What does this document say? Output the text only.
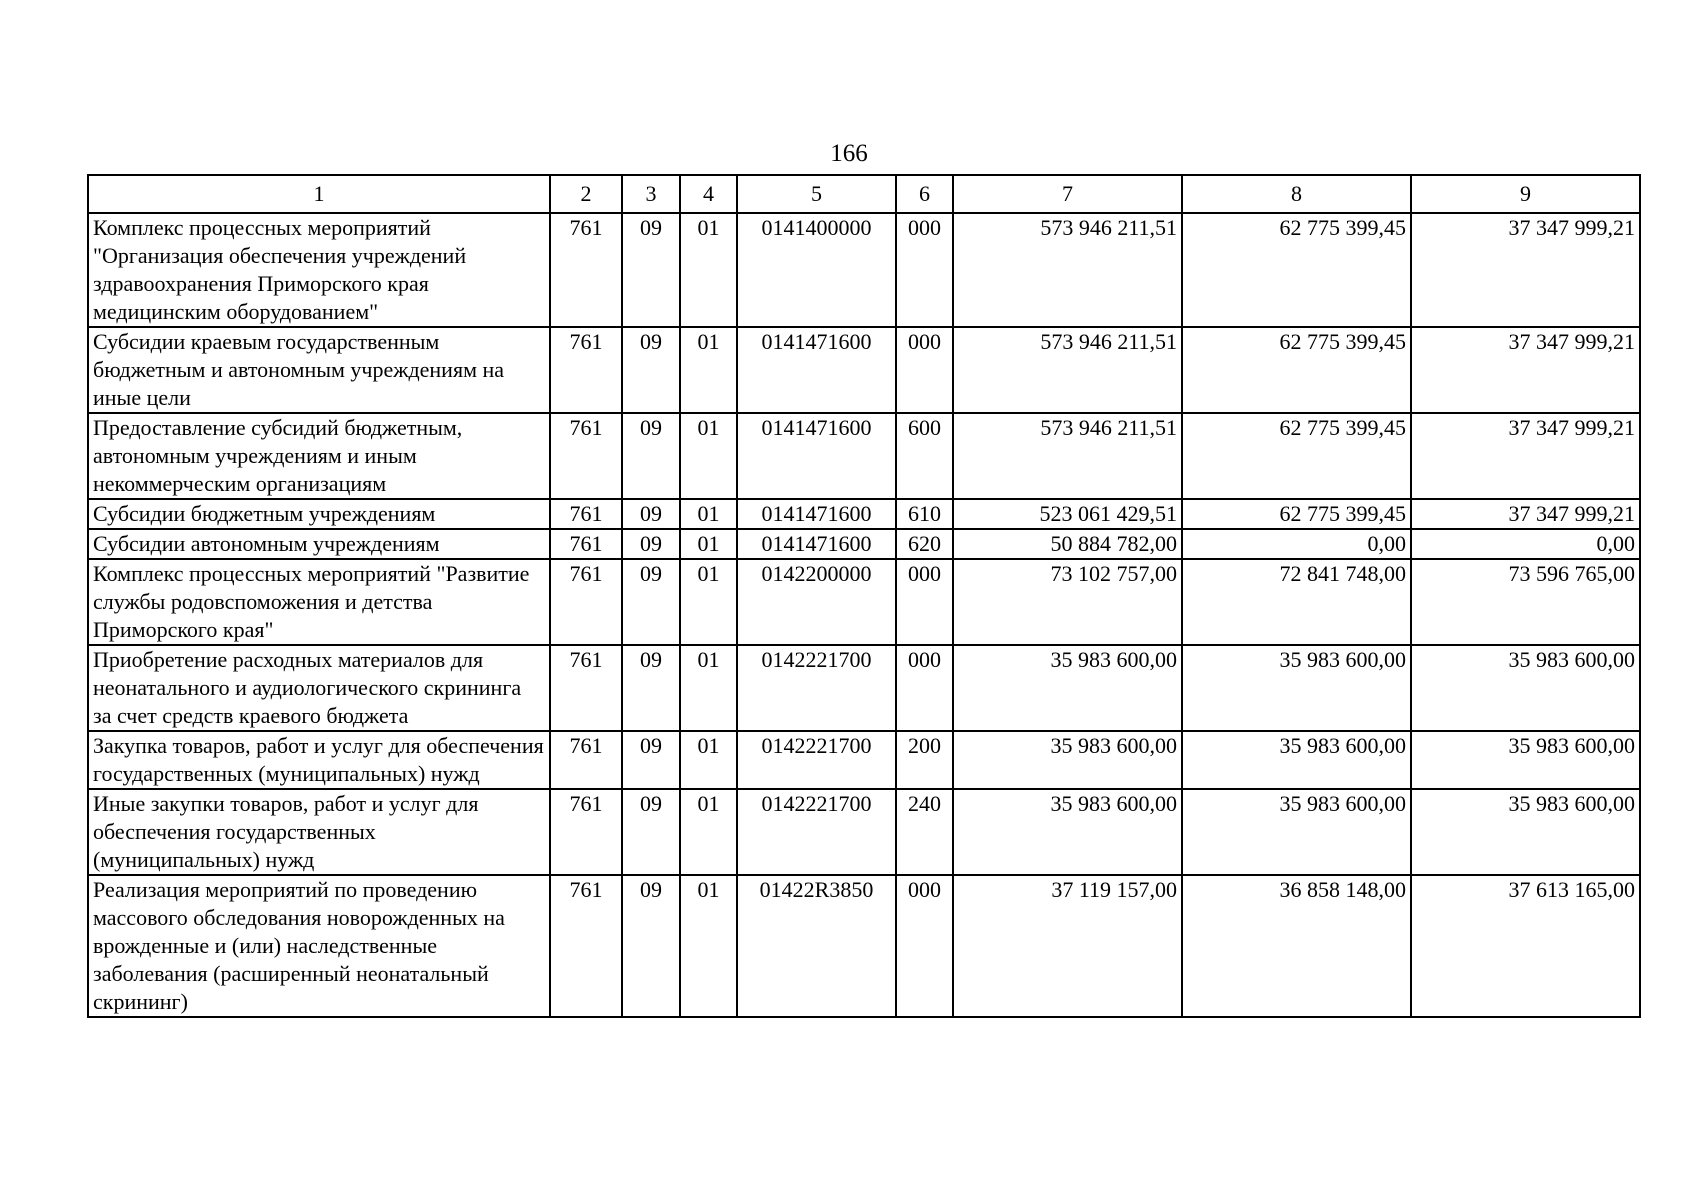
166
1	2	3	4	5	6	7	8	9
Комплекс процессных мероприятий "Организация обеспечения учреждений здравоохранения Приморского края медицинским оборудованием"	761	09	01	0141400000	000	573 946 211,51	62 775 399,45	37 347 999,21
Субсидии краевым государственным бюджетным и автономным учреждениям на иные цели	761	09	01	0141471600	000	573 946 211,51	62 775 399,45	37 347 999,21
Предоставление субсидий бюджетным, автономным учреждениям и иным некоммерческим организациям	761	09	01	0141471600	600	573 946 211,51	62 775 399,45	37 347 999,21
Субсидии бюджетным учреждениям	761	09	01	0141471600	610	523 061 429,51	62 775 399,45	37 347 999,21
Субсидии автономным учреждениям	761	09	01	0141471600	620	50 884 782,00	0,00	0,00
Комплекс процессных мероприятий "Развитие службы родовспоможения и детства Приморского края"	761	09	01	0142200000	000	73 102 757,00	72 841 748,00	73 596 765,00
Приобретение расходных материалов для неонатального и аудиологического скрининга за счет средств краевого бюджета	761	09	01	0142221700	000	35 983 600,00	35 983 600,00	35 983 600,00
Закупка товаров, работ и услуг для обеспечения государственных (муниципальных) нужд	761	09	01	0142221700	200	35 983 600,00	35 983 600,00	35 983 600,00
Иные закупки товаров, работ и услуг для обеспечения государственных (муниципальных) нужд	761	09	01	0142221700	240	35 983 600,00	35 983 600,00	35 983 600,00
Реализация мероприятий по проведению массового обследования новорожденных на врожденные и (или) наследственные заболевания (расширенный неонатальный скрининг)	761	09	01	01422R3850	000	37 119 157,00	36 858 148,00	37 613 165,00
